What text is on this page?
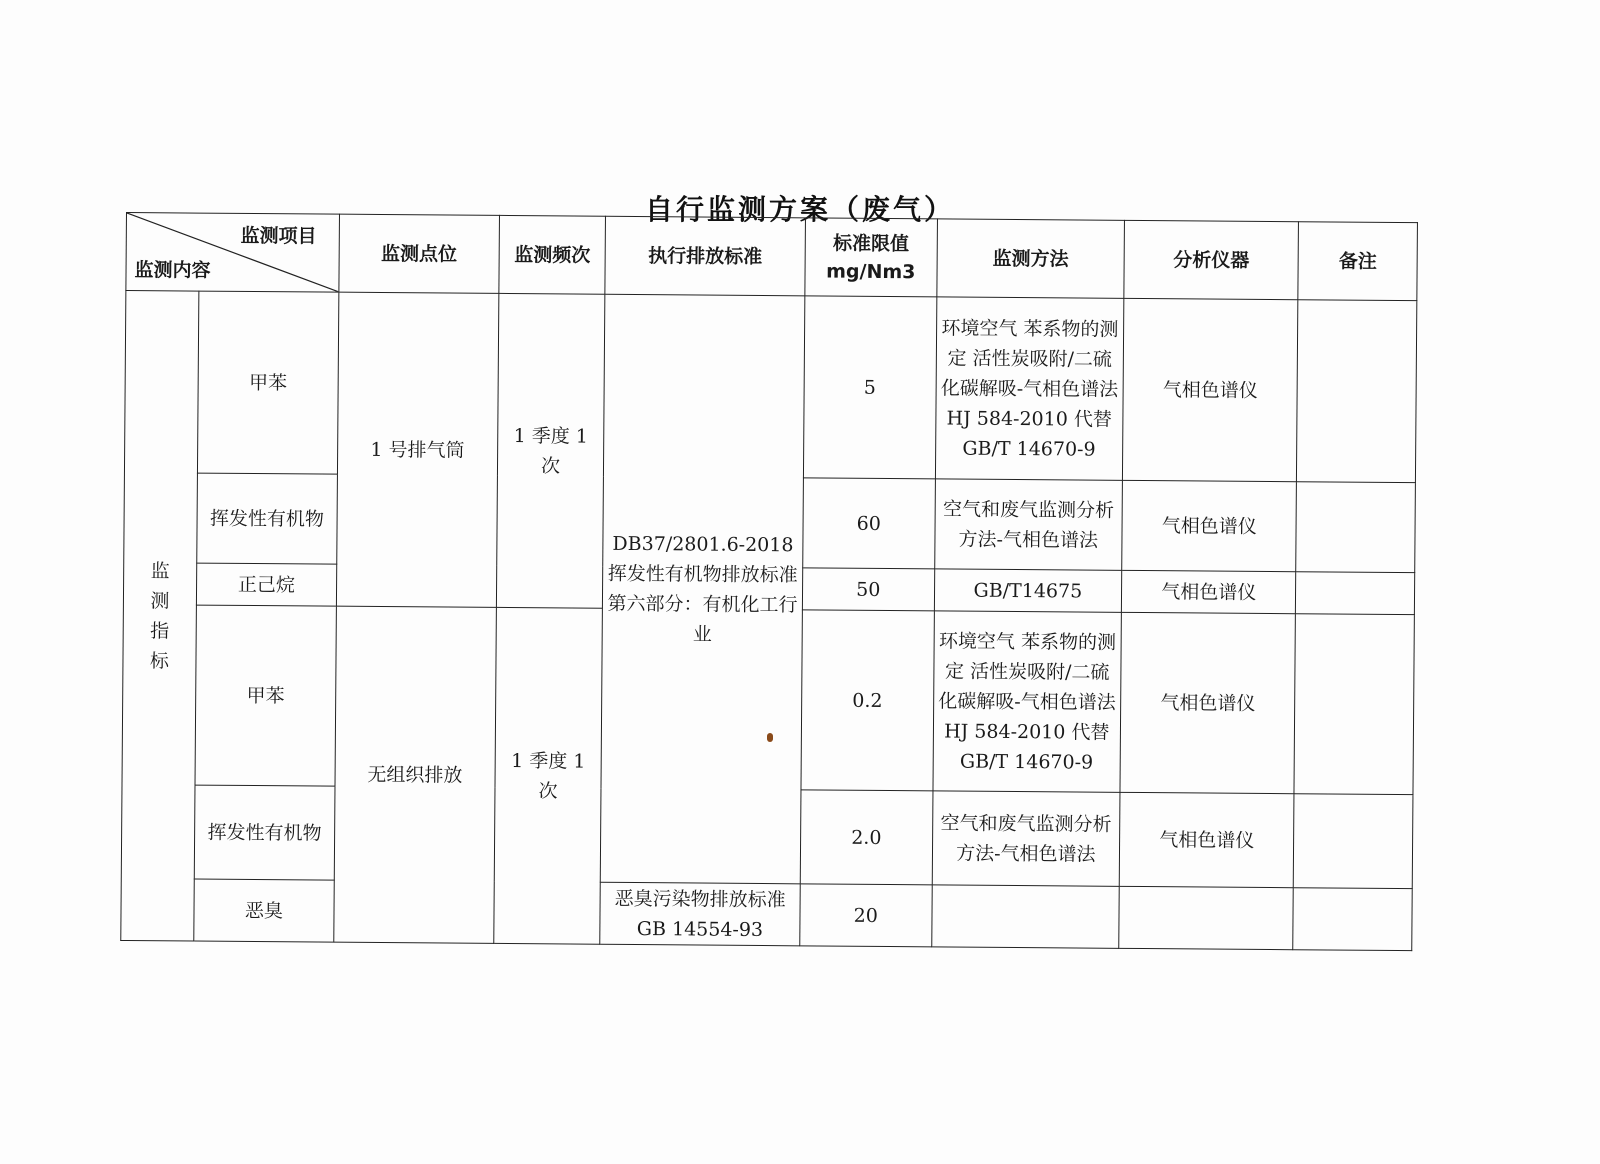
自行监测方案（废气）
监测项目
监测内容		监测点位	监测频次	执行排放标准	标准限值 mg/Nm3	监测方法	分析仪器	备注

监
测
指
标	甲苯	1 号排气筒	1 季度 1 次	DB37/2801.6-2018 挥发性有机物排放标准第六部分：有机化工行业	5	环境空气 苯系物的测定 活性炭吸附/二硫化碳解吸-气相色谱法 HJ 584-2010 代替 GB/T 14670-9	气相色谱仪	
	挥发性有机物				60	空气和废气监测分析方法-气相色谱法	气相色谱仪	
	正己烷				50	GB/T14675	气相色谱仪	
	甲苯	无组织排放	1 季度 1 次		0.2	环境空气 苯系物的测定 活性炭吸附/二硫化碳解吸-气相色谱法 HJ 584-2010 代替 GB/T 14670-9	气相色谱仪	
	挥发性有机物				2.0	空气和废气监测分析方法-气相色谱法	气相色谱仪	
	恶臭			恶臭污染物排放标准 GB 14554-93	20			
